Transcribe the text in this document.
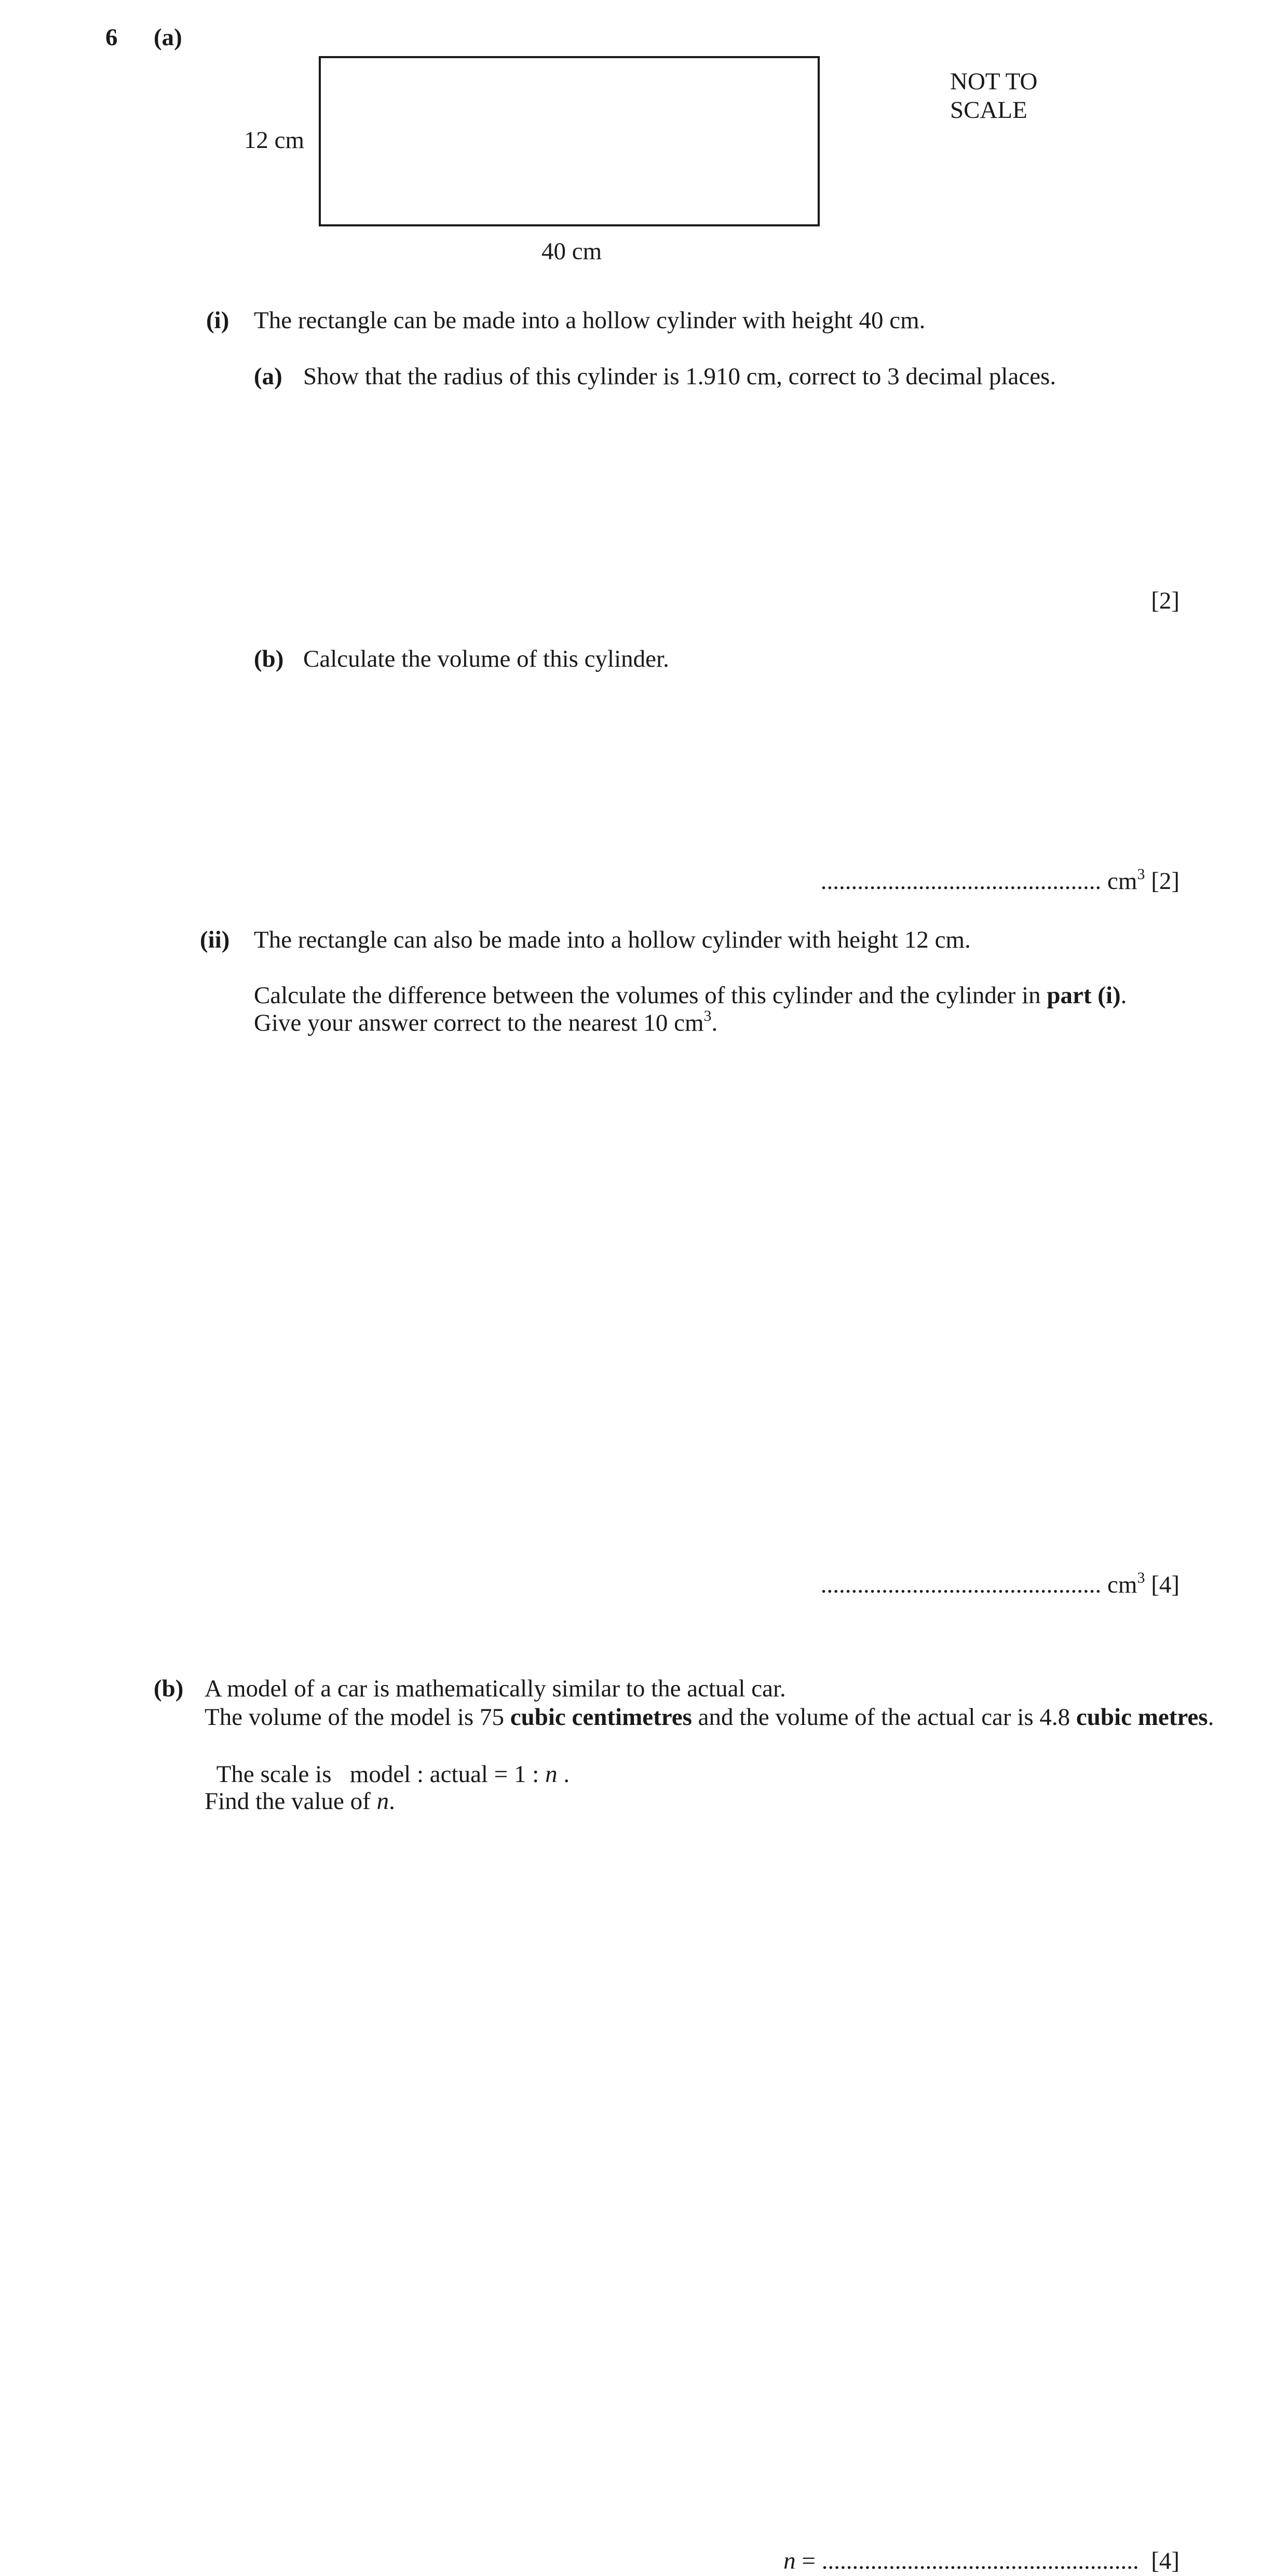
6 (a)
12 cm
40 cm
NOT TO
SCALE
(i) The rectangle can be made into a hollow cylinder with height 40 cm.
(a) Show that the radius of this cylinder is 1.910 cm, correct to 3 decimal places.
[2]
(b) Calculate the volume of this cylinder.
.............................................. $cm^3$ [2]
(ii) The rectangle can also be made into a hollow cylinder with height 12 cm.
Calculate the difference between the volumes of this cylinder and the cylinder in part (i).
Give your answer correct to the nearest 10 $cm^3$.
.............................................. $cm^3$ [4]
(b) A model of a car is mathematically similar to the actual car.
The volume of the model is 75 cubic centimetres and the volume of the actual car is 4.8 cubic metres.

The scale is   model : actual = 1 : n .

Find the value of n.

n = .................................................... [4]
